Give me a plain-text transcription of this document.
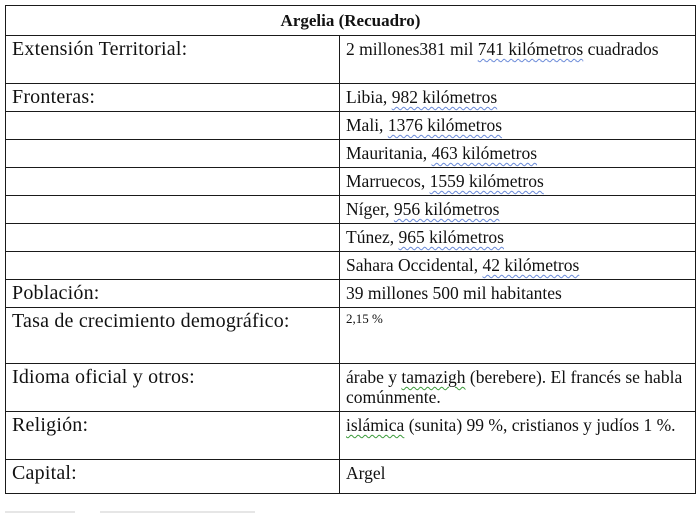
Argelia (Recuadro)	
Extensión Territorial:	2 millones381 mil 741 kilómetros cuadrados
Fronteras:	Libia, 982 kilómetros
	Mali, 1376 kilómetros
	Mauritania, 463 kilómetros
	Marruecos, 1559 kilómetros
	Níger, 956 kilómetros
	Túnez, 965 kilómetros
	Sahara Occidental, 42 kilómetros
Población:	39 millones 500 mil habitantes
Tasa de crecimiento demográfico:	2,15 %
Idioma oficial y otros:	árabe y tamazigh (berebere). El francés se habla comúnmente.
Religión:	islámica (sunita) 99 %, cristianos y judíos 1 %.
Capital:	Argel
